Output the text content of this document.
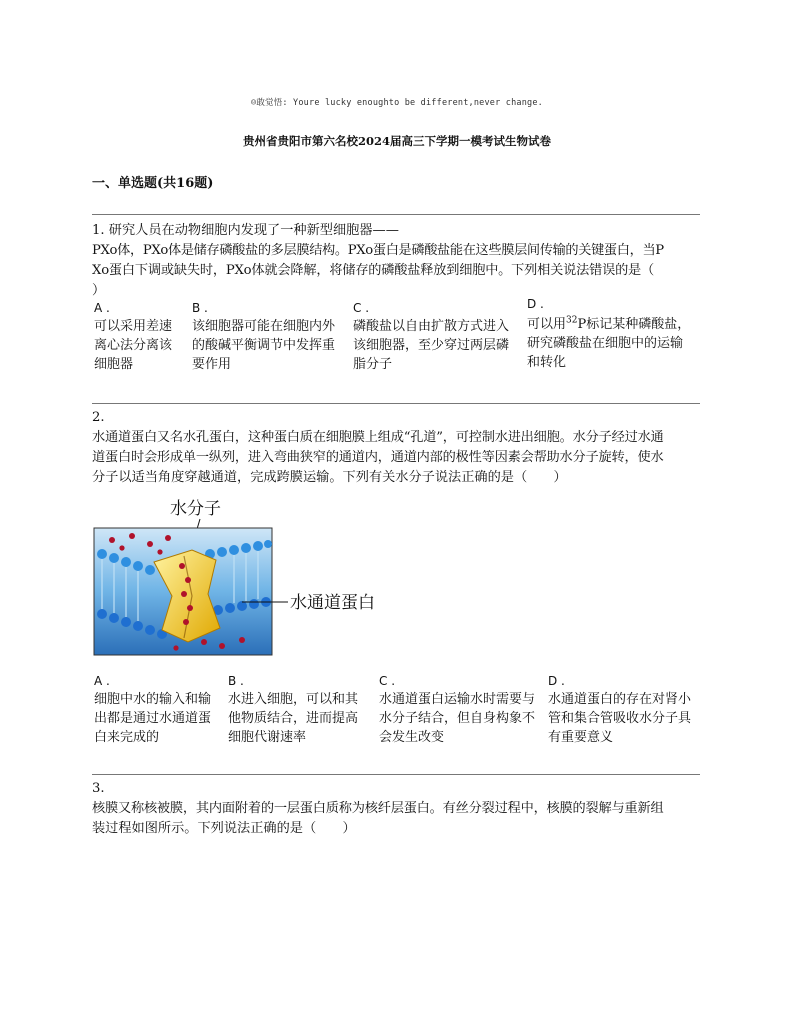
☺敢觉悟: Youre lucky enoughto be different,never change.
贵州省贵阳市第六名校2024届高三下学期一模考试生物试卷
一、单选题(共16题)
1. 研究人员在动物细胞内发现了一种新型细胞器——
PXo体，PXo体是储存磷酸盐的多层膜结构。PXo蛋白是磷酸盐能在这些膜层间传输的关键蛋白，当P
Xo蛋白下调或缺失时，PXo体就会降解，将储存的磷酸盐释放到细胞中。下列相关说法错误的是（
）
A .
可以采用差速
离心法分离该
细胞器
B .
该细胞器可能在细胞内外
的酸碱平衡调节中发挥重
要作用
C .
磷酸盐以自由扩散方式进入
该细胞器，至少穿过两层磷
脂分子
D .
可以用$^{32}$P标记某种磷酸盐，
研究磷酸盐在细胞中的运输
和转化
2.
水通道蛋白又名水孔蛋白，这种蛋白质在细胞膜上组成“孔道”，可控制水进出细胞。水分子经过水通
道蛋白时会形成单一纵列，进入弯曲狭窄的通道内，通道内部的极性等因素会帮助水分子旋转，使水
分子以适当角度穿越通道，完成跨膜运输。下列有关水分子说法正确的是（　　）
水分子
水通道蛋白
A .
细胞中水的输入和输
出都是通过水通道蛋
白来完成的
B .
水进入细胞，可以和其
他物质结合，进而提高
细胞代谢速率
C .
水通道蛋白运输水时需要与
水分子结合，但自身构象不
会发生改变
D .
水通道蛋白的存在对肾小
管和集合管吸收水分子具
有重要意义
3.
核膜又称核被膜，其内面附着的一层蛋白质称为核纤层蛋白。有丝分裂过程中，核膜的裂解与重新组
装过程如图所示。下列说法正确的是（　　）
